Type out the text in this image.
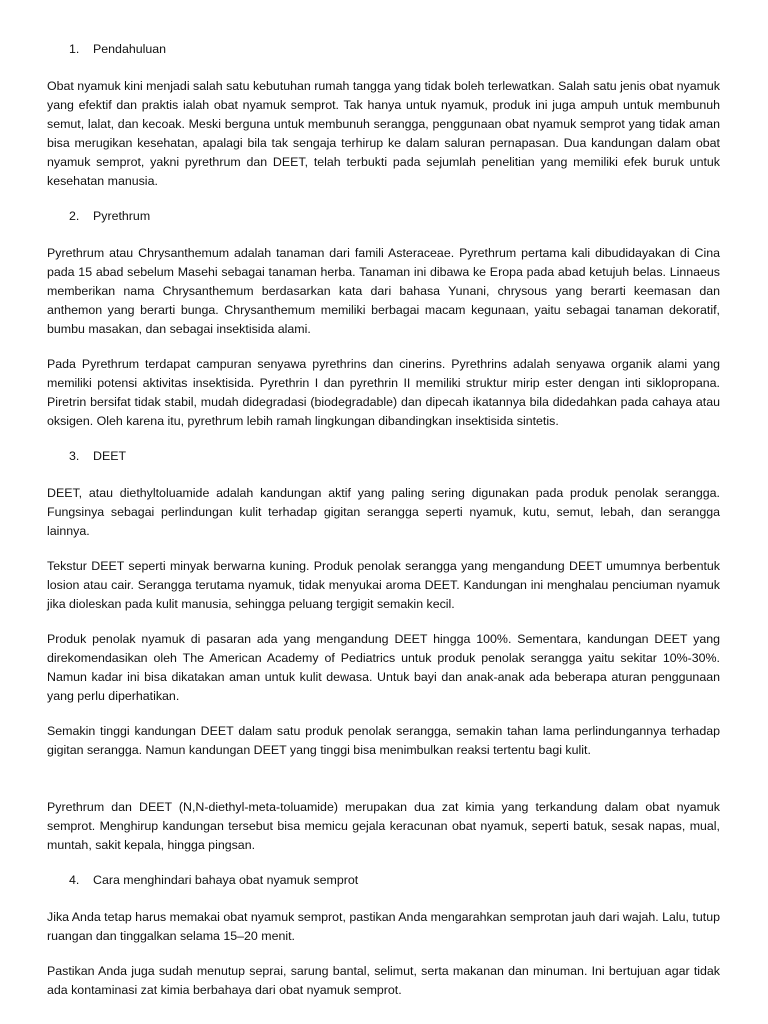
1.	Pendahuluan

Obat nyamuk kini menjadi salah satu kebutuhan rumah tangga yang tidak boleh terlewatkan. Salah satu jenis obat nyamuk yang efektif dan praktis ialah obat nyamuk semprot. Tak hanya untuk nyamuk, produk ini juga ampuh untuk membunuh semut, lalat, dan kecoak. Meski berguna untuk membunuh serangga, penggunaan obat nyamuk semprot yang tidak aman bisa merugikan kesehatan, apalagi bila tak sengaja terhirup ke dalam saluran pernapasan. Dua kandungan dalam obat nyamuk semprot, yakni pyrethrum dan DEET, telah terbukti pada sejumlah penelitian yang memiliki efek buruk untuk kesehatan manusia.

2.	Pyrethrum

Pyrethrum atau Chrysanthemum adalah tanaman dari famili Asteraceae. Pyrethrum pertama kali dibudidayakan di Cina pada 15 abad sebelum Masehi sebagai tanaman herba. Tanaman ini dibawa ke Eropa pada abad ketujuh belas. Linnaeus memberikan nama Chrysanthemum berdasarkan kata dari bahasa Yunani, chrysous yang berarti keemasan dan anthemon yang berarti bunga. Chrysanthemum memiliki berbagai macam kegunaan, yaitu sebagai tanaman dekoratif, bumbu masakan, dan sebagai insektisida alami.

Pada Pyrethrum terdapat campuran senyawa pyrethrins dan cinerins. Pyrethrins adalah senyawa organik alami yang memiliki potensi aktivitas insektisida. Pyrethrin I dan pyrethrin II memiliki struktur mirip ester dengan inti siklopropana. Piretrin bersifat tidak stabil, mudah didegradasi (biodegradable) dan dipecah ikatannya bila didedahkan pada cahaya atau oksigen. Oleh karena itu, pyrethrum lebih ramah lingkungan dibandingkan insektisida sintetis.

3.	DEET

DEET, atau diethyltoluamide adalah kandungan aktif yang paling sering digunakan pada produk penolak serangga. Fungsinya sebagai perlindungan kulit terhadap gigitan serangga seperti nyamuk, kutu, semut, lebah, dan serangga lainnya.

Tekstur DEET seperti minyak berwarna kuning. Produk penolak serangga yang mengandung DEET umumnya berbentuk losion atau cair. Serangga terutama nyamuk, tidak menyukai aroma DEET. Kandungan ini menghalau penciuman nyamuk jika dioleskan pada kulit manusia, sehingga peluang tergigit semakin kecil.

Produk penolak nyamuk di pasaran ada yang mengandung DEET hingga 100%. Sementara, kandungan DEET yang direkomendasikan oleh The American Academy of Pediatrics untuk produk penolak serangga yaitu sekitar 10%-30%. Namun kadar ini bisa dikatakan aman untuk kulit dewasa. Untuk bayi dan anak-anak ada beberapa aturan penggunaan yang perlu diperhatikan.

Semakin tinggi kandungan DEET dalam satu produk penolak serangga, semakin tahan lama perlindungannya terhadap gigitan serangga. Namun kandungan DEET yang tinggi bisa menimbulkan reaksi tertentu bagi kulit.

Pyrethrum dan DEET (N,N-diethyl-meta-toluamide) merupakan dua zat kimia yang terkandung dalam obat nyamuk semprot. Menghirup kandungan tersebut bisa memicu gejala keracunan obat nyamuk, seperti batuk, sesak napas, mual, muntah, sakit kepala, hingga pingsan.

4.	Cara menghindari bahaya obat nyamuk semprot

Jika Anda tetap harus memakai obat nyamuk semprot, pastikan Anda mengarahkan semprotan jauh dari wajah. Lalu, tutup ruangan dan tinggalkan selama 15–20 menit.

Pastikan Anda juga sudah menutup seprai, sarung bantal, selimut, serta makanan dan minuman. Ini bertujuan agar tidak ada kontaminasi zat kimia berbahaya dari obat nyamuk semprot.
